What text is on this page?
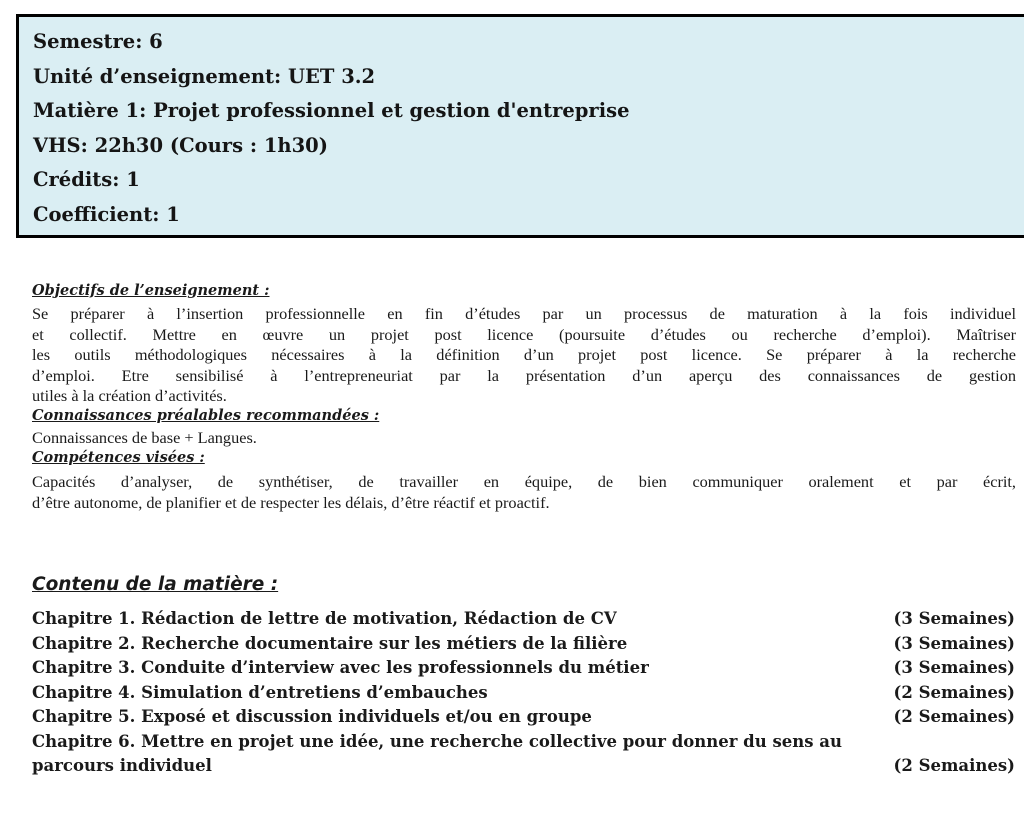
Semestre: 6
Unité d’enseignement: UET 3.2
Matière 1: Projet professionnel et gestion d'entreprise
VHS: 22h30 (Cours : 1h30)
Crédits: 1
Coefficient: 1
Objectifs de l’enseignement :
Se préparer à l’insertion professionnelle en fin d’études par un processus de maturation à la fois individuel
et collectif. Mettre en œuvre un projet post licence (poursuite d’études ou recherche d’emploi). Maîtriser
les outils méthodologiques nécessaires à la définition d’un projet post licence. Se préparer à la recherche
d’emploi. Etre sensibilisé à l’entrepreneuriat par la présentation d’un aperçu des connaissances de gestion
utiles à la création d’activités.
Connaissances préalables recommandées :
Connaissances de base + Langues.
Compétences visées :
Capacités d’analyser, de synthétiser, de travailler en équipe, de bien communiquer oralement et par écrit,
d’être autonome, de planifier et de respecter les délais, d’être réactif et proactif.
Contenu de la matière :
Chapitre 1. Rédaction de lettre de motivation, Rédaction de CV	(3 Semaines)
Chapitre 2. Recherche documentaire sur les métiers de la filière	(3 Semaines)
Chapitre 3. Conduite d’interview avec les professionnels du métier	(3 Semaines)
Chapitre 4. Simulation d’entretiens d’embauches	(2 Semaines)
Chapitre 5. Exposé et discussion individuels et/ou en groupe	(2 Semaines)
Chapitre 6. Mettre en projet une idée, une recherche collective pour donner du sens au
parcours individuel	(2 Semaines)
